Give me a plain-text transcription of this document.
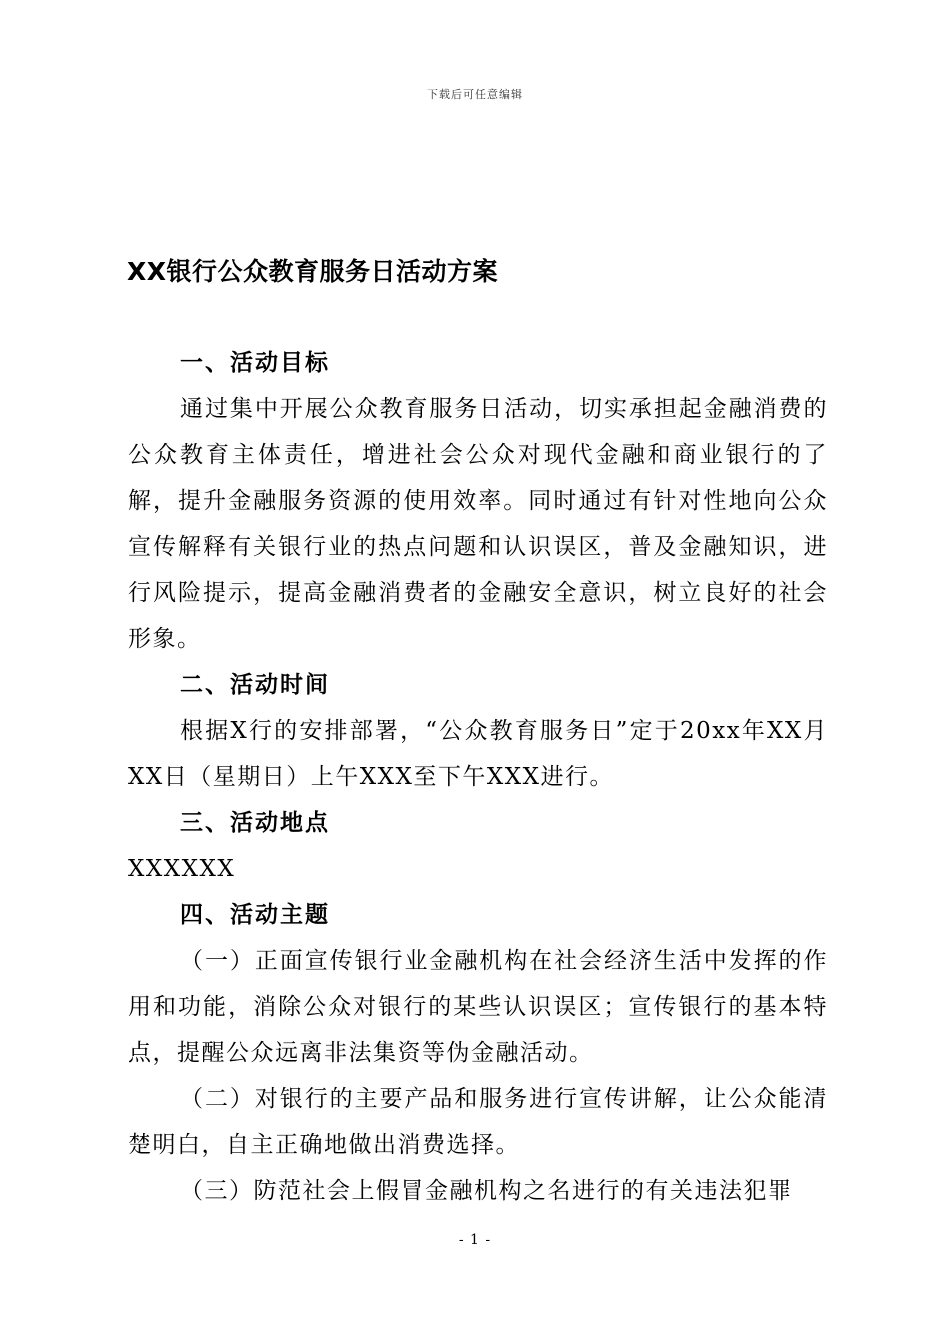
下载后可任意编辑
XX银行公众教育服务日活动方案
一、活动目标

通过集中开展公众教育服务日活动，切实承担起金融消费的公众教育主体责任，增进社会公众对现代金融和商业银行的了解，提升金融服务资源的使用效率。同时通过有针对性地向公众宣传解释有关银行业的热点问题和认识误区，普及金融知识，进行风险提示，提高金融消费者的金融安全意识，树立良好的社会形象。

二、活动时间

根据X行的安排部署，“公众教育服务日”定于20xx年XX月XX日（星期日）上午XXX至下午XXX进行。

三、活动地点

XXXXXX

四、活动主题

（一）正面宣传银行业金融机构在社会经济生活中发挥的作用和功能，消除公众对银行的某些认识误区；宣传银行的基本特点，提醒公众远离非法集资等伪金融活动。

（二）对银行的主要产品和服务进行宣传讲解，让公众能清楚明白，自主正确地做出消费选择。

（三）防范社会上假冒金融机构之名进行的有关违法犯罪

- 1 -
